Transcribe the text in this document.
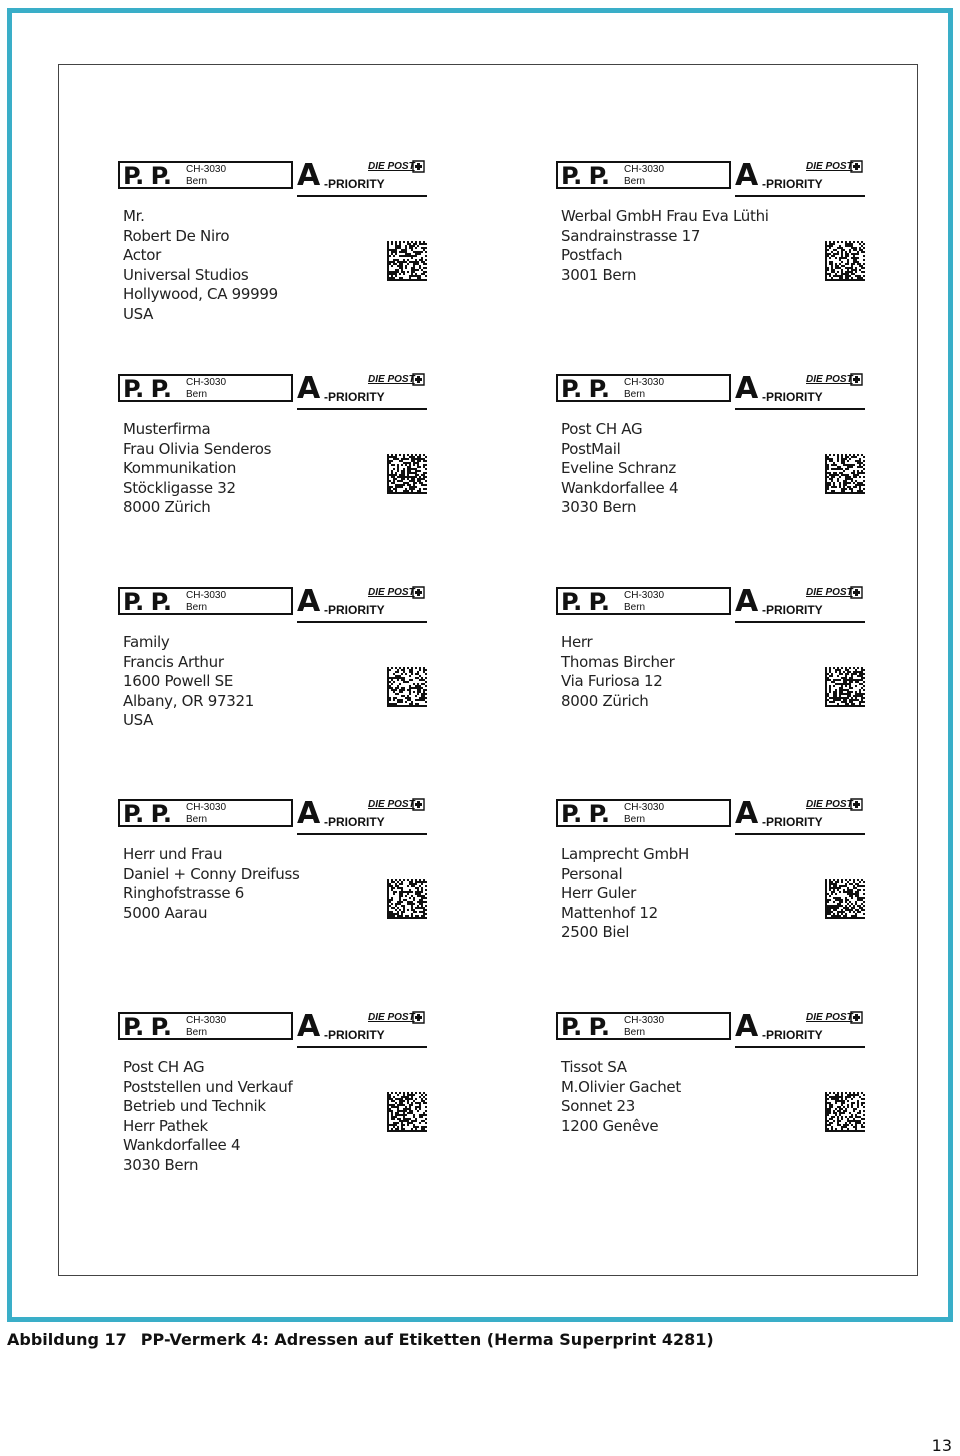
P. P. CH-3030
Bern	A -PRIORITY
DIE POST
Mr.
Robert De Niro
Actor
Universal Studios
Hollywood, CA 99999
USA
P. P. CH-3030
Bern	A -PRIORITY
DIE POST
Werbal GmbH Frau Eva Lüthi
Sandrainstrasse 17
Postfach
3001 Bern
P. P. CH-3030
Bern	A -PRIORITY
DIE POST
Musterfirma
Frau Olivia Senderos
Kommunikation
Stöckligasse 32
8000 Zürich
P. P. CH-3030
Bern	A -PRIORITY
DIE POST
Post CH AG
PostMail
Eveline Schranz
Wankdorfallee 4
3030 Bern
P. P. CH-3030
Bern	A -PRIORITY
DIE POST
Family
Francis Arthur
1600 Powell SE
Albany, OR 97321
USA
P. P. CH-3030
Bern	A -PRIORITY
DIE POST
Herr
Thomas Bircher
Via Furiosa 12
8000 Zürich
P. P. CH-3030
Bern	A -PRIORITY
DIE POST
Herr und Frau
Daniel + Conny Dreifuss
Ringhofstrasse 6
5000 Aarau
P. P. CH-3030
Bern	A -PRIORITY
DIE POST
Lamprecht GmbH
Personal
Herr Guler
Mattenhof 12
2500 Biel
P. P. CH-3030
Bern	A -PRIORITY
DIE POST
Post CH AG
Poststellen und Verkauf
Betrieb und Technik
Herr Pathek
Wankdorfallee 4
3030 Bern
P. P. CH-3030
Bern	A -PRIORITY
DIE POST
Tissot SA
M.Olivier Gachet
Sonnet 23
1200 Genêve
Abbildung 17 PP-Vermerk 4: Adressen auf Etiketten (Herma Superprint 4281)
13
